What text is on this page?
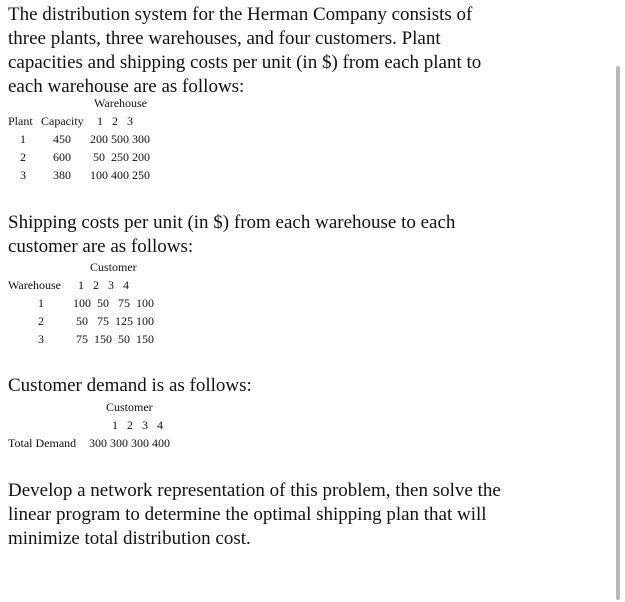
The distribution system for the Herman Company consists of
three plants, three warehouses, and four customers. Plant
capacities and shipping costs per unit (in $) from each plant to
each warehouse are as follows:
Warehouse
Plant Capacity 1   2   3
1 450 200 500 300
2 600 50  250 200
3 380 100 400 250
Shipping costs per unit (in $) from each warehouse to each
customer are as follows:
Customer
Warehouse 1   2   3   4
1 100  50   75  100
2	50   75  125 100
3	75  150  50  150
Customer demand is as follows:
Customer
1   2   3   4
Total Demand 300 300 300 400
Develop a network representation of this problem, then solve the
linear program to determine the optimal shipping plan that will
minimize total distribution cost.
